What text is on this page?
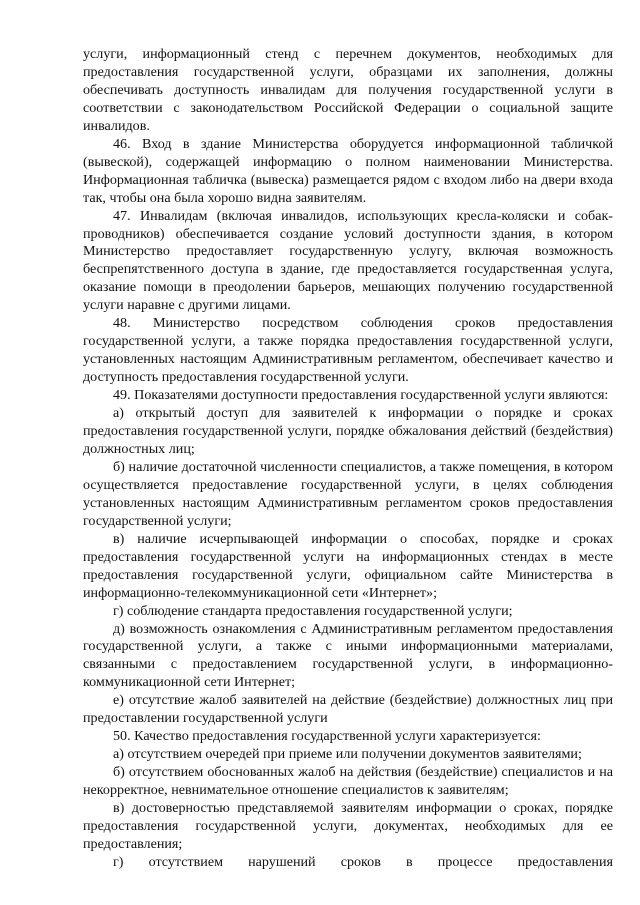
услуги, информационный стенд с перечнем документов, необходимых для предоставления государственной услуги, образцами их заполнения, должны обеспечивать доступность инвалидам для получения государственной услуги в соответствии с законодательством Российской Федерации о социальной защите инвалидов.

46. Вход в здание Министерства оборудуется информационной табличкой (вывеской), содержащей информацию о полном наименовании Министерства. Информационная табличка (вывеска) размещается рядом с входом либо на двери входа так, чтобы она была хорошо видна заявителям.

47. Инвалидам (включая инвалидов, использующих кресла-коляски и собак-проводников) обеспечивается создание условий доступности здания, в котором Министерство предоставляет государственную услугу, включая возможность беспрепятственного доступа в здание, где предоставляется государственная услуга, оказание помощи в преодолении барьеров, мешающих получению государственной услуги наравне с другими лицами.

48. Министерство посредством соблюдения сроков предоставления государственной услуги, а также порядка предоставления государственной услуги, установленных настоящим Административным регламентом, обеспечивает качество и доступность предоставления государственной услуги.

49. Показателями доступности предоставления государственной услуги являются:

а) открытый доступ для заявителей к информации о порядке и сроках предоставления государственной услуги, порядке обжалования действий (бездействия) должностных лиц;

б) наличие достаточной численности специалистов, а также помещения, в котором осуществляется предоставление государственной услуги, в целях соблюдения установленных настоящим Административным регламентом сроков предоставления государственной услуги;

в) наличие исчерпывающей информации о способах, порядке и сроках предоставления государственной услуги на информационных стендах в месте предоставления государственной услуги, официальном сайте Министерства в информационно-телекоммуникационной сети «Интернет»;

г) соблюдение стандарта предоставления государственной услуги;

д) возможность ознакомления с Административным регламентом предоставления государственной услуги, а также с иными информационными материалами, связанными с предоставлением государственной услуги, в информационно-коммуникационной сети Интернет;

е) отсутствие жалоб заявителей на действие (бездействие) должностных лиц при предоставлении государственной услуги

50. Качество предоставления государственной услуги характеризуется:

а) отсутствием очередей при приеме или получении документов заявителями;

б) отсутствием обоснованных жалоб на действия (бездействие) специалистов и на некорректное, невнимательное отношение специалистов к заявителям;

в) достоверностью представляемой заявителям информации о сроках, порядке предоставления государственной услуги, документах, необходимых для ее предоставления;

г) отсутствием нарушений сроков в процессе предоставления
